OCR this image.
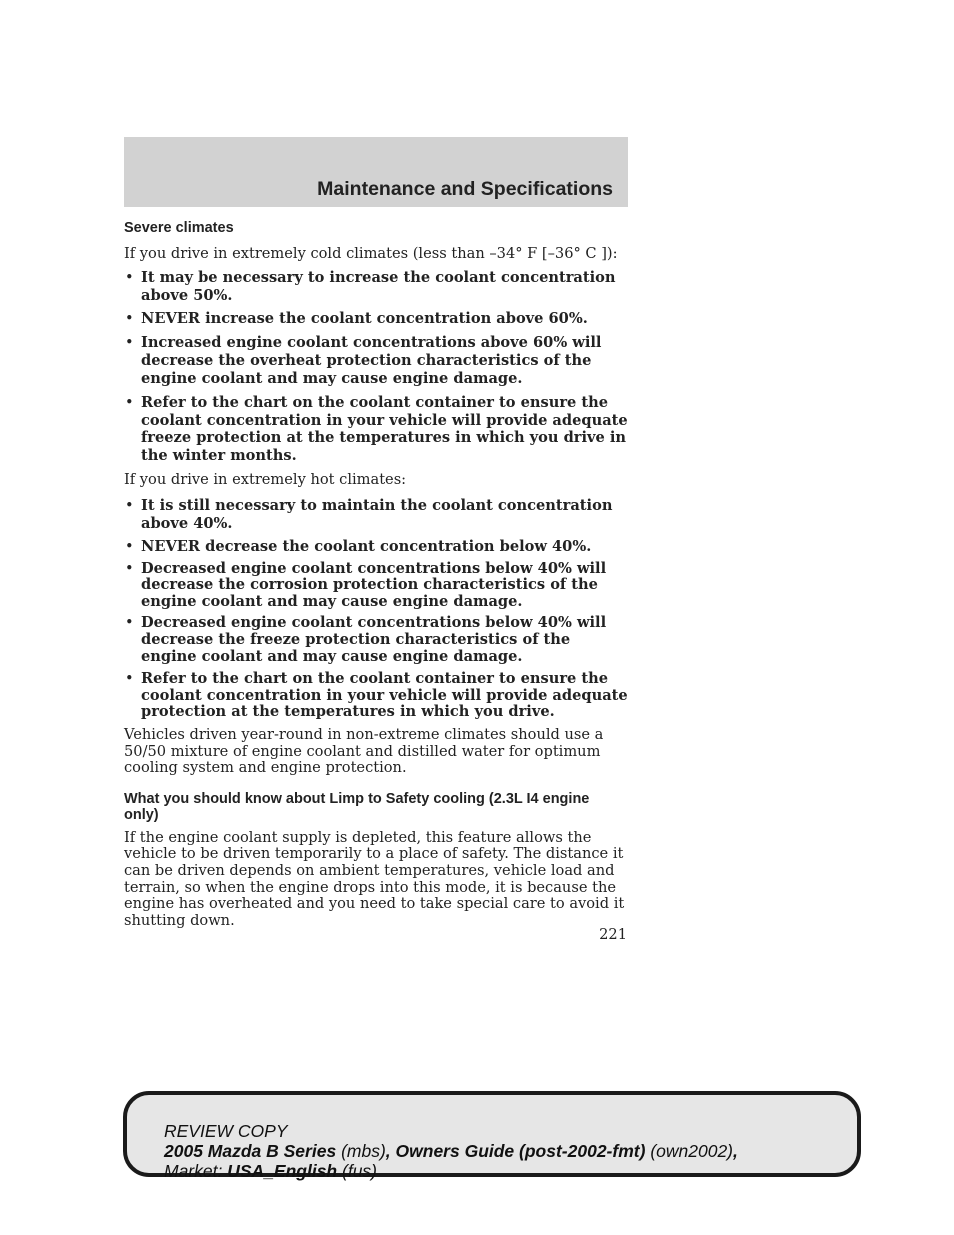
Maintenance and Specifications
Severe climates

If you drive in extremely cold climates (less than –34° F [–36° C ]):

• It may be necessary to increase the coolant concentration above 50%.
• NEVER increase the coolant concentration above 60%.
• Increased engine coolant concentrations above 60% will decrease the overheat protection characteristics of the engine coolant and may cause engine damage.
• Refer to the chart on the coolant container to ensure the coolant concentration in your vehicle will provide adequate freeze protection at the temperatures in which you drive in the winter months.

If you drive in extremely hot climates:

• It is still necessary to maintain the coolant concentration above 40%.
• NEVER decrease the coolant concentration below 40%.
• Decreased engine coolant concentrations below 40% will decrease the corrosion protection characteristics of the engine coolant and may cause engine damage.
• Decreased engine coolant concentrations below 40% will decrease the freeze protection characteristics of the engine coolant and may cause engine damage.
• Refer to the chart on the coolant container to ensure the coolant concentration in your vehicle will provide adequate protection at the temperatures in which you drive.

Vehicles driven year-round in non-extreme climates should use a 50/50 mixture of engine coolant and distilled water for optimum cooling system and engine protection.

What you should know about Limp to Safety cooling (2.3L I4 engine only)

If the engine coolant supply is depleted, this feature allows the vehicle to be driven temporarily to a place of safety. The distance it can be driven depends on ambient temperatures, vehicle load and terrain, so when the engine drops into this mode, it is because the engine has overheated and you need to take special care to avoid it shutting down.

221
REVIEW COPY
2005 Mazda B Series (mbs), Owners Guide (post-2002-fmt) (own2002),
Market: USA_English (fus)
